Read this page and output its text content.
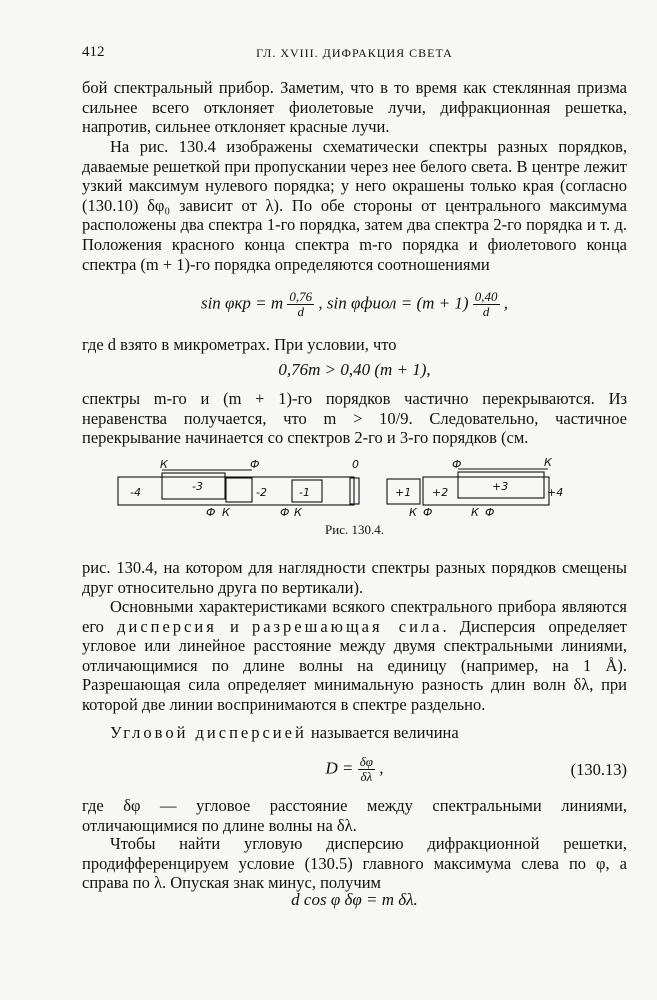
412	ГЛ. XVIII. ДИФРАКЦИЯ СВЕТА

бой спектральный прибор. Заметим, что в то время как стеклянная призма сильнее всего отклоняет фиолетовые лучи, дифракционная решетка, напротив, сильнее отклоняет красные лучи.

На рис. 130.4 изображены схематически спектры разных порядков, даваемые решеткой при пропускании через нее белого света. В центре лежит узкий максимум нулевого порядка; у него окрашены только края (согласно (130.10) δφ₀ зависит от λ). По обе стороны от центрального максимума расположены два спектра 1-го порядка, затем два спектра 2-го порядка и т. д. Положения красного конца спектра m-го порядка и фиолетового конца спектра (m + 1)-го порядка определяются соотношениями

sin φкр = m $\frac{0,76}{d}$ , sin φфиол = $(m + 1) \frac{0,40}{d}$ ,

где d взято в микрометрах. При условии, что

0,76m > 0,40 (m + 1),

спектры m-го и (m + 1)-го порядков частично перекрываются. Из неравенства получается, что m > 10/9. Следовательно, частичное перекрывание начинается со спектров 2-го и 3-го порядков (см.

-4	-3	-2	-1	+1 +2	+3	+4
К	Ф	0	Ф	К
Ф К	Ф К	К Ф	К Ф
Рис. 130.4.

рис. 130.4, на котором для наглядности спектры разных порядков смещены друг относительно друга по вертикали).

Основными характеристиками всякого спектрального прибора являются его дисперсия и разрешающая сила. Дисперсия определяет угловое или линейное расстояние между двумя спектральными линиями, отличающимися по длине волны на единицу (например, на 1 Å). Разрешающая сила определяет минимальную разность длин волн δλ, при которой две линии воспринимаются в спектре раздельно.

Угловой дисперсией называется величина

$D = \frac{\delta\varphi}{\delta\lambda}$ ,	(130.13)

где δφ — угловое расстояние между спектральными линиями, отличающимися по длине волны на δλ.

Чтобы найти угловую дисперсию дифракционной решетки, продифференцируем условие (130.5) главного максимума слева по φ, а справа по λ. Опуская знак минус, получим

d cos φ δφ = m δλ.
